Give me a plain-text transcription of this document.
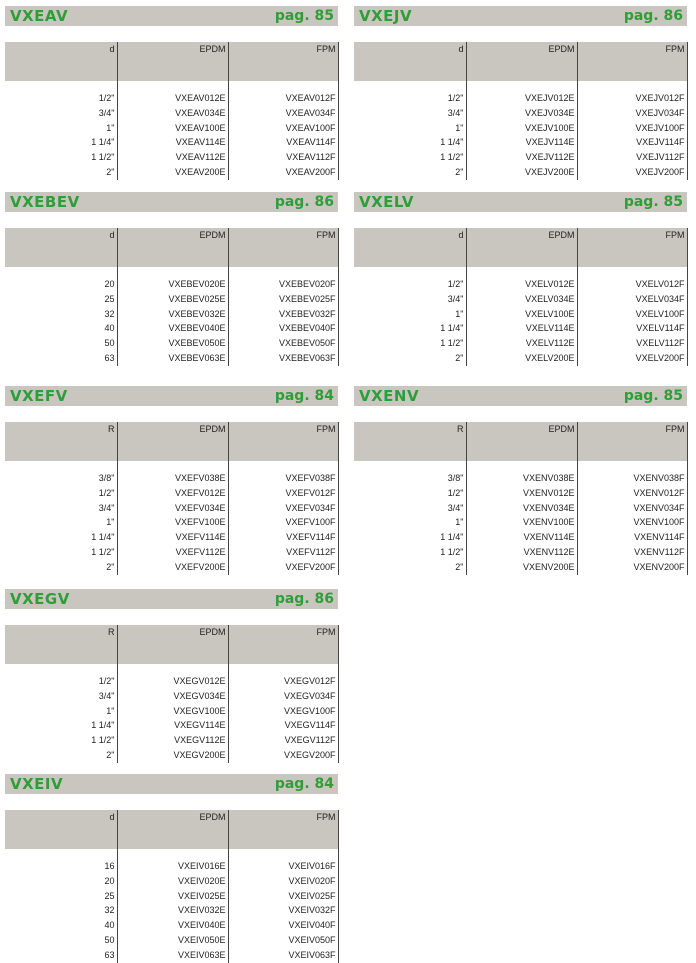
VXEAV	pag. 85
d	EPDM	FPM

1/2"	VXEAV012E	VXEAV012F
3/4"	VXEAV034E	VXEAV034F
1"	VXEAV100E	VXEAV100F
1 1/4"	VXEAV114E	VXEAV114F
1 1/2"	VXEAV112E	VXEAV112F
2"	VXEAV200E	VXEAV200F
VXEJV	pag. 86
d	EPDM	FPM

1/2"	VXEJV012E	VXEJV012F
3/4"	VXEJV034E	VXEJV034F
1"	VXEJV100E	VXEJV100F
1 1/4"	VXEJV114E	VXEJV114F
1 1/2"	VXEJV112E	VXEJV112F
2"	VXEJV200E	VXEJV200F
VXEBEV	pag. 86
d	EPDM	FPM

20	VXEBEV020E	VXEBEV020F
25	VXEBEV025E	VXEBEV025F
32	VXEBEV032E	VXEBEV032F
40	VXEBEV040E	VXEBEV040F
50	VXEBEV050E	VXEBEV050F
63	VXEBEV063E	VXEBEV063F
VXELV	pag. 85
d	EPDM	FPM

1/2"	VXELV012E	VXELV012F
3/4"	VXELV034E	VXELV034F
1"	VXELV100E	VXELV100F
1 1/4"	VXELV114E	VXELV114F
1 1/2"	VXELV112E	VXELV112F
2"	VXELV200E	VXELV200F
VXEFV	pag. 84
R	EPDM	FPM

3/8"	VXEFV038E	VXEFV038F
1/2"	VXEFV012E	VXEFV012F
3/4"	VXEFV034E	VXEFV034F
1"	VXEFV100E	VXEFV100F
1 1/4"	VXEFV114E	VXEFV114F
1 1/2"	VXEFV112E	VXEFV112F
2"	VXEFV200E	VXEFV200F
VXENV	pag. 85
R	EPDM	FPM

3/8"	VXENV038E	VXENV038F
1/2"	VXENV012E	VXENV012F
3/4"	VXENV034E	VXENV034F
1"	VXENV100E	VXENV100F
1 1/4"	VXENV114E	VXENV114F
1 1/2"	VXENV112E	VXENV112F
2"	VXENV200E	VXENV200F
VXEGV	pag. 86
R	EPDM	FPM

1/2"	VXEGV012E	VXEGV012F
3/4"	VXEGV034E	VXEGV034F
1"	VXEGV100E	VXEGV100F
1 1/4"	VXEGV114E	VXEGV114F
1 1/2"	VXEGV112E	VXEGV112F
2"	VXEGV200E	VXEGV200F
VXEIV	pag. 84
d	EPDM	FPM

16	VXEIV016E	VXEIV016F
20	VXEIV020E	VXEIV020F
25	VXEIV025E	VXEIV025F
32	VXEIV032E	VXEIV032F
40	VXEIV040E	VXEIV040F
50	VXEIV050E	VXEIV050F
63	VXEIV063E	VXEIV063F
